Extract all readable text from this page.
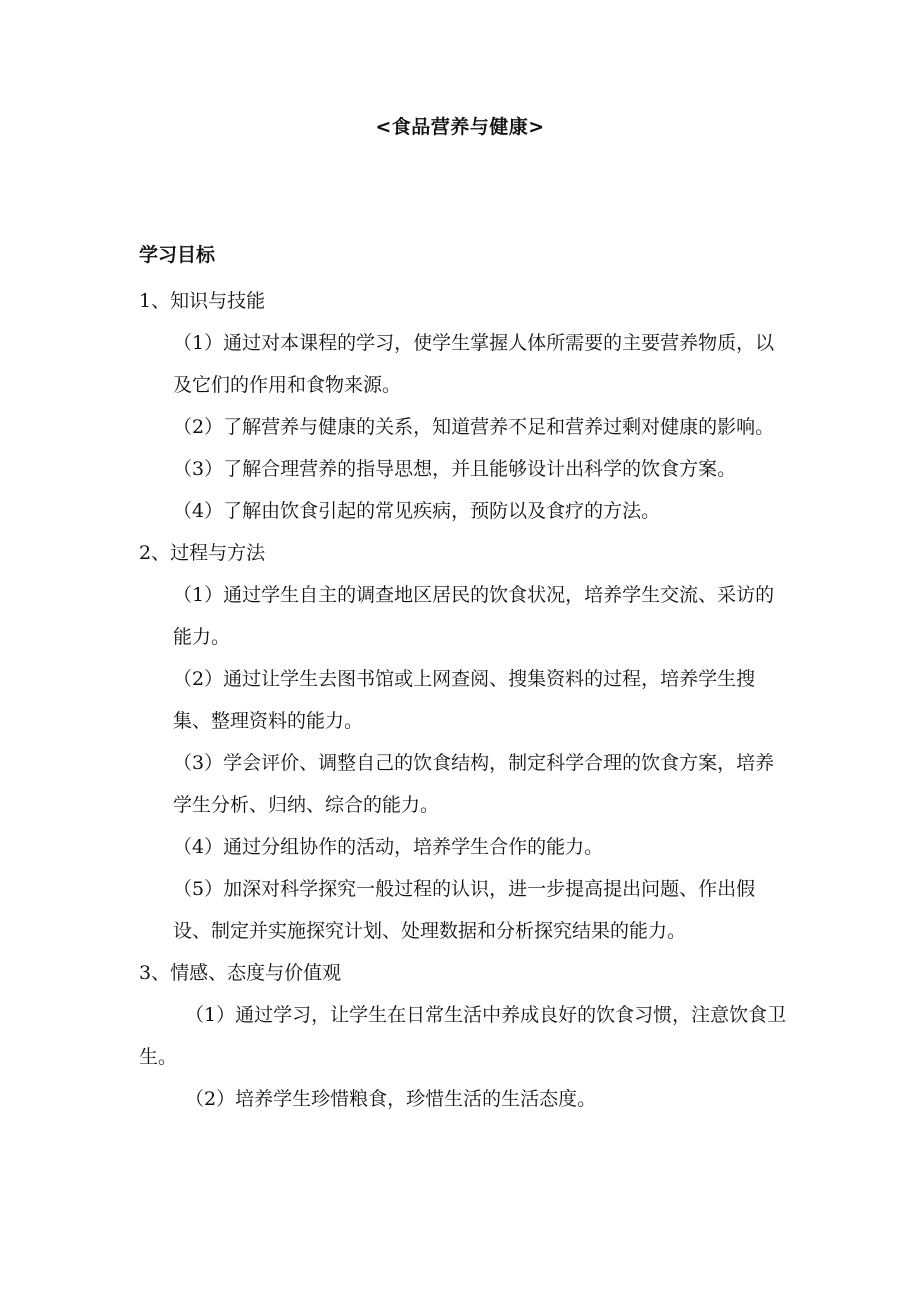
<食品营养与健康>
学习目标

1、知识与技能

（1）通过对本课程的学习，使学生掌握人体所需要的主要营养物质，以及它们的作用和食物来源。

（2）了解营养与健康的关系，知道营养不足和营养过剩对健康的影响。

（3）了解合理营养的指导思想，并且能够设计出科学的饮食方案。

（4）了解由饮食引起的常见疾病，预防以及食疗的方法。

2、过程与方法

（1）通过学生自主的调查地区居民的饮食状况，培养学生交流、采访的能力。

（2）通过让学生去图书馆或上网查阅、搜集资料的过程，培养学生搜集、整理资料的能力。

（3）学会评价、调整自己的饮食结构，制定科学合理的饮食方案，培养学生分析、归纳、综合的能力。

（4）通过分组协作的活动，培养学生合作的能力。

（5）加深对科学探究一般过程的认识，进一步提高提出问题、作出假设、制定并实施探究计划、处理数据和分析探究结果的能力。

3、情感、态度与价值观

（1）通过学习，让学生在日常生活中养成良好的饮食习惯，注意饮食卫生。

（2）培养学生珍惜粮食，珍惜生活的生活态度。
